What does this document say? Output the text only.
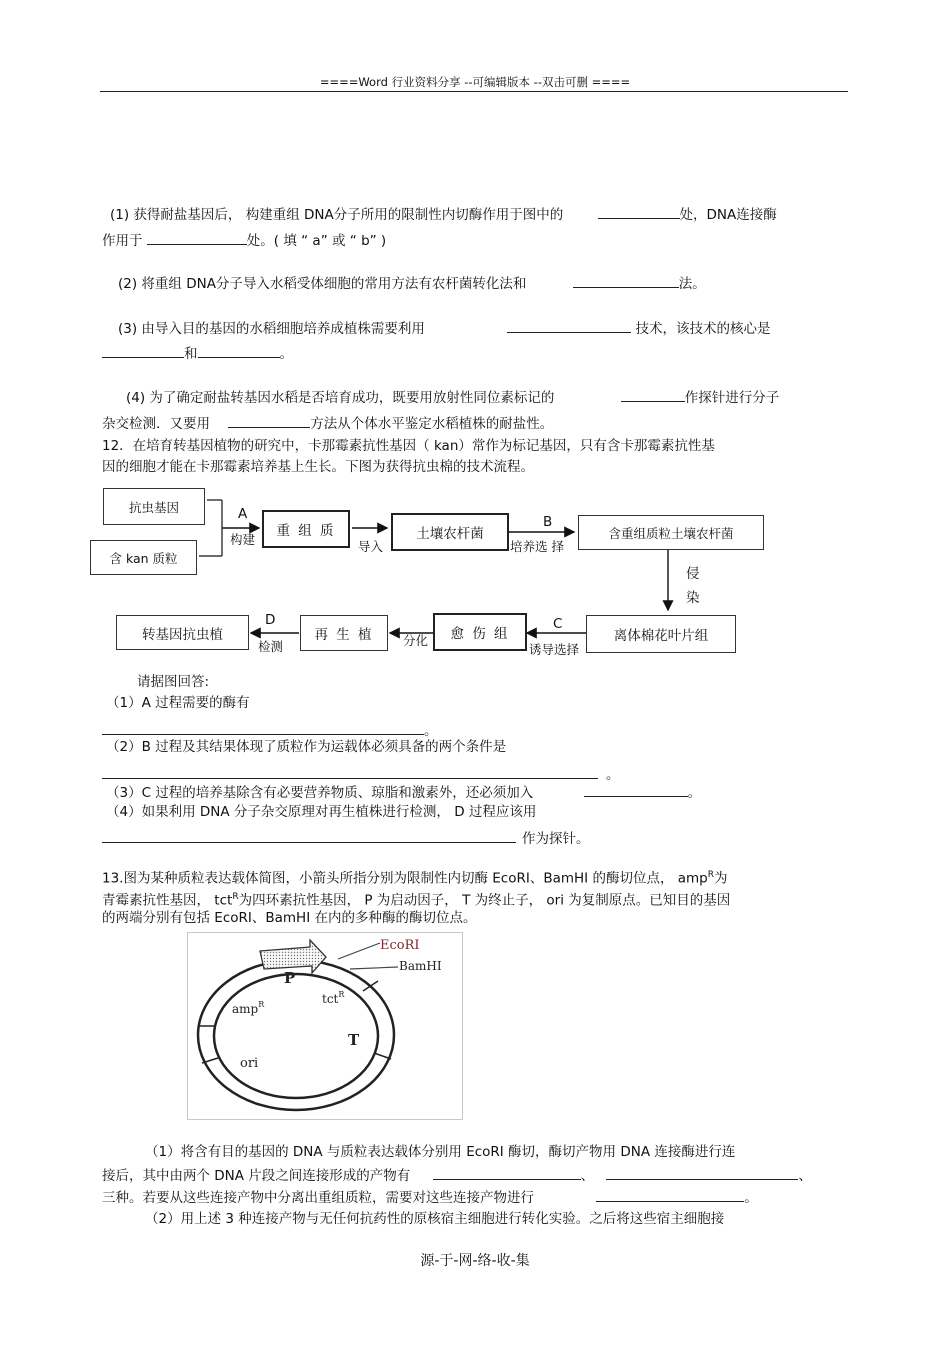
====Word 行业资料分享 --可编辑版本 --双击可删 ====
(1) 获得耐盐基因后， 构建重组 DNA分子所用的限制性内切酶作用于图中的	处，DNA连接酶
作用于	处。( 填 “ a” 或 “ b” )
(2) 将重组 DNA分子导入水稻受体细胞的常用方法有农杆菌转化法和	法。
(3) 由导入目的基因的水稻细胞培养成植株需要利用	技术，该技术的核心是
和	。
(4) 为了确定耐盐转基因水稻是否培育成功，既要用放射性同位素标记的	作探针进行分子
杂交检测．又要用	方法从个体水平鉴定水稻植株的耐盐性。
12．在培育转基因植物的研究中，卡那霉素抗性基因（ kan）常作为标记基因，只有含卡那霉素抗性基
因的细胞才能在卡那霉素培养基上生长。下图为获得抗虫棉的技术流程。
抗虫基因
含 kan 质粒
重 组 质	土壤农杆菌	含重组质粒土壤农杆菌
离体棉花叶片组
愈 伤 组
再 生 植
转基因抗虫植
A
构建	导入
B
培养选 择
侵
染
C
诱导选择
分化
D
检测
请据图回答:
（1）A 过程需要的酶有
。
（2）B 过程及其结果体现了质粒作为运载体必须具备的两个条件是
。
（3）C 过程的培养基除含有必要营养物质、琼脂和激素外，还必须加入	。
（4）如果利用 DNA 分子杂交原理对再生植株进行检测， D 过程应该用
作为探针。
13.图为某种质粒表达载体简图，小箭头所指分别为限制性内切酶 EcoRI、BamHI 的酶切位点， amp$^R$为
青霉素抗性基因， tct$^R$为四环素抗性基因， P 为启动因子， T 为终止子， ori 为复制原点。已知目的基因
的两端分别有包括 EcoRI、BamHI 在内的多种酶的酶切位点。
EcoRI
BamHI
P
tct$^R$
amp$^R$
T
ori
（1）将含有目的基因的 DNA 与质粒表达载体分别用 EcoRI 酶切，酶切产物用 DNA 连接酶进行连
接后，其中由两个 DNA 片段之间连接形成的产物有	、	、
三种。若要从这些连接产物中分离出重组质粒，需要对这些连接产物进行	。
（2）用上述 3 种连接产物与无任何抗药性的原核宿主细胞进行转化实验。之后将这些宿主细胞接
源-于-网-络-收-集
